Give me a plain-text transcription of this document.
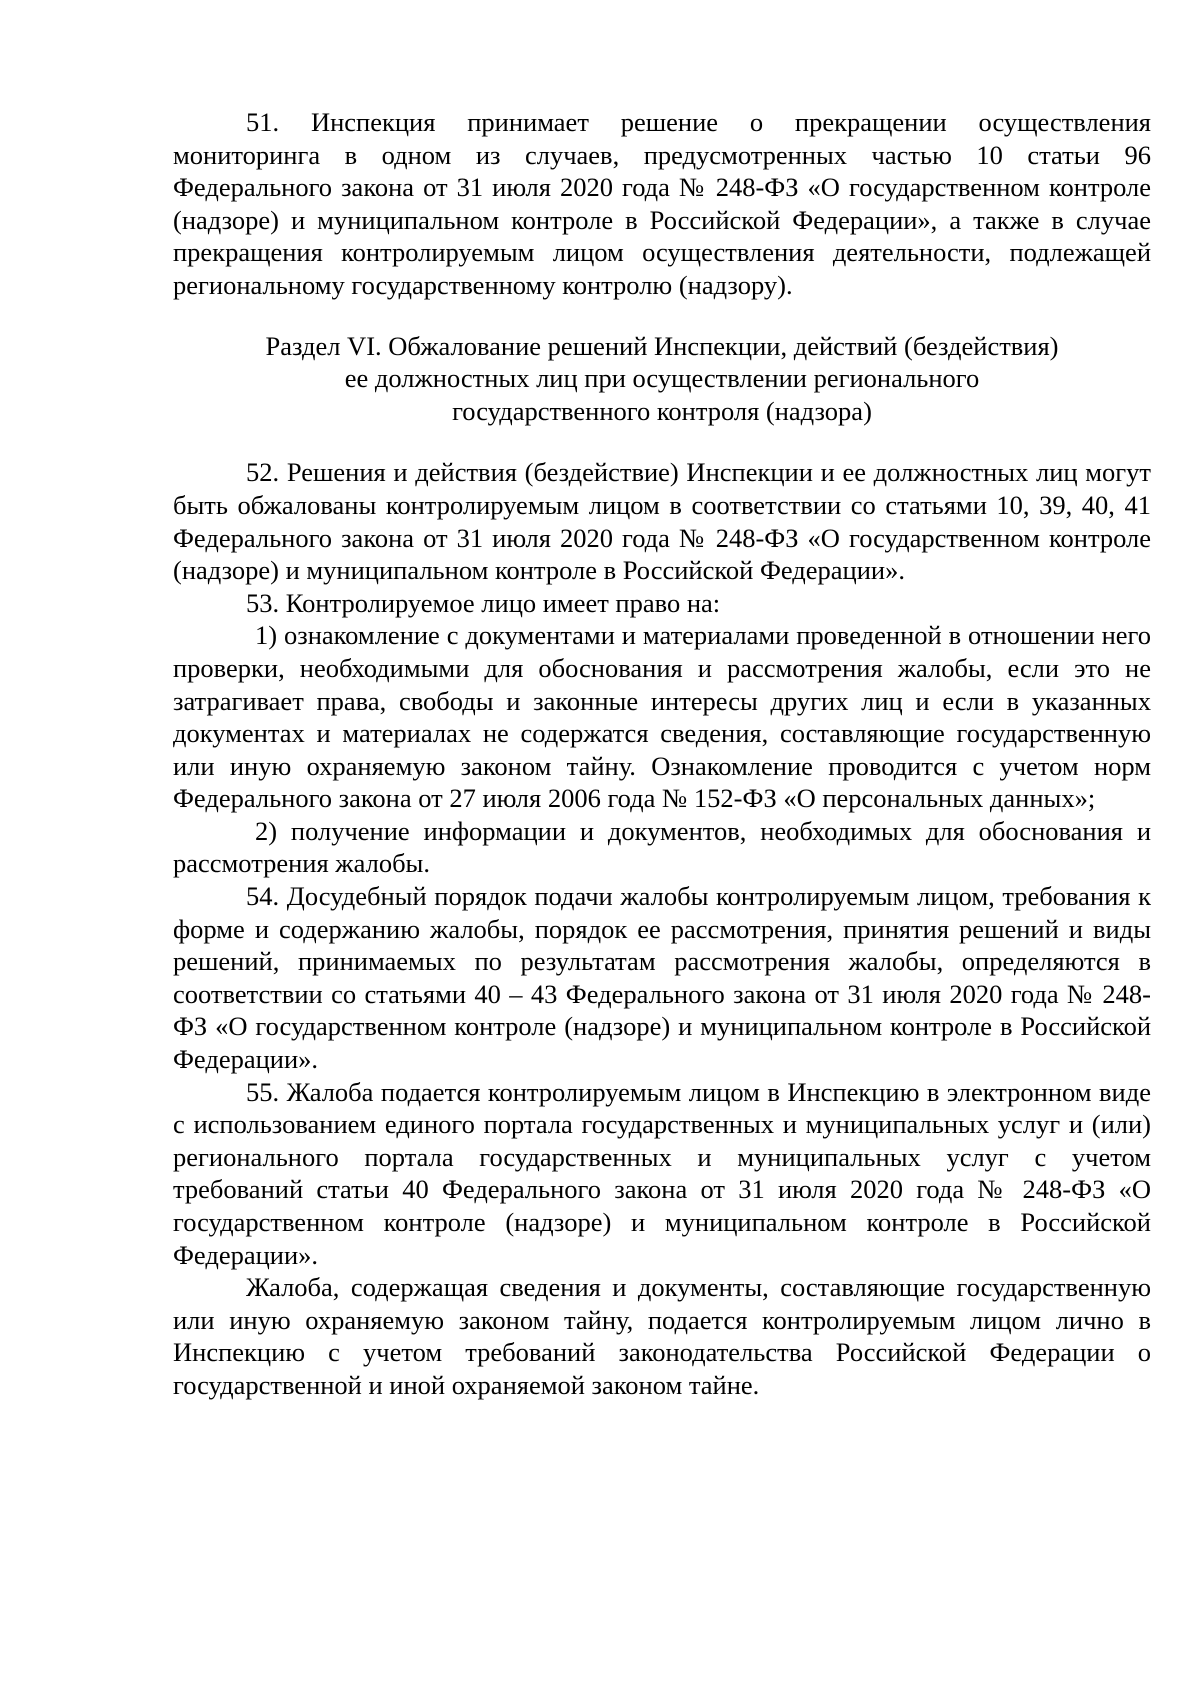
51. Инспекция принимает решение о прекращении осуществления мониторинга в одном из случаев, предусмотренных частью 10 статьи 96 Федерального закона от 31 июля 2020 года № 248-ФЗ «О государственном контроле (надзоре) и муниципальном контроле в Российской Федерации», а также в случае прекращения контролируемым лицом осуществления деятельности, подлежащей региональному государственному контролю (надзору).

Раздел VI. Обжалование решений Инспекции, действий (бездействия)
ее должностных лиц при осуществлении регионального
государственного контроля (надзора)

52. Решения и действия (бездействие) Инспекции и ее должностных лиц могут быть обжалованы контролируемым лицом в соответствии со статьями 10, 39, 40, 41 Федерального закона от 31 июля 2020 года № 248-ФЗ «О государственном контроле (надзоре) и муниципальном контроле в Российской Федерации».

53. Контролируемое лицо имеет право на:

1) ознакомление с документами и материалами проведенной в отношении него проверки, необходимыми для обоснования и рассмотрения жалобы, если это не затрагивает права, свободы и законные интересы других лиц и если в указанных документах и материалах не содержатся сведения, составляющие государственную или иную охраняемую законом тайну. Ознакомление проводится с учетом норм Федерального закона от 27 июля 2006 года № 152-ФЗ «О персональных данных»;

2) получение информации и документов, необходимых для обоснования и рассмотрения жалобы.

54. Досудебный порядок подачи жалобы контролируемым лицом, требования к форме и содержанию жалобы, порядок ее рассмотрения, принятия решений и виды решений, принимаемых по результатам рассмотрения жалобы, определяются в соответствии со статьями 40 – 43 Федерального закона от 31 июля 2020 года № 248-ФЗ «О государственном контроле (надзоре) и муниципальном контроле в Российской Федерации».

55. Жалоба подается контролируемым лицом в Инспекцию в электронном виде с использованием единого портала государственных и муниципальных услуг и (или) регионального портала государственных и муниципальных услуг с учетом требований статьи 40 Федерального закона от 31 июля 2020 года № 248-ФЗ «О государственном контроле (надзоре) и муниципальном контроле в Российской Федерации».

Жалоба, содержащая сведения и документы, составляющие государственную или иную охраняемую законом тайну, подается контролируемым лицом лично в Инспекцию с учетом требований законодательства Российской Федерации о государственной и иной охраняемой законом тайне.
